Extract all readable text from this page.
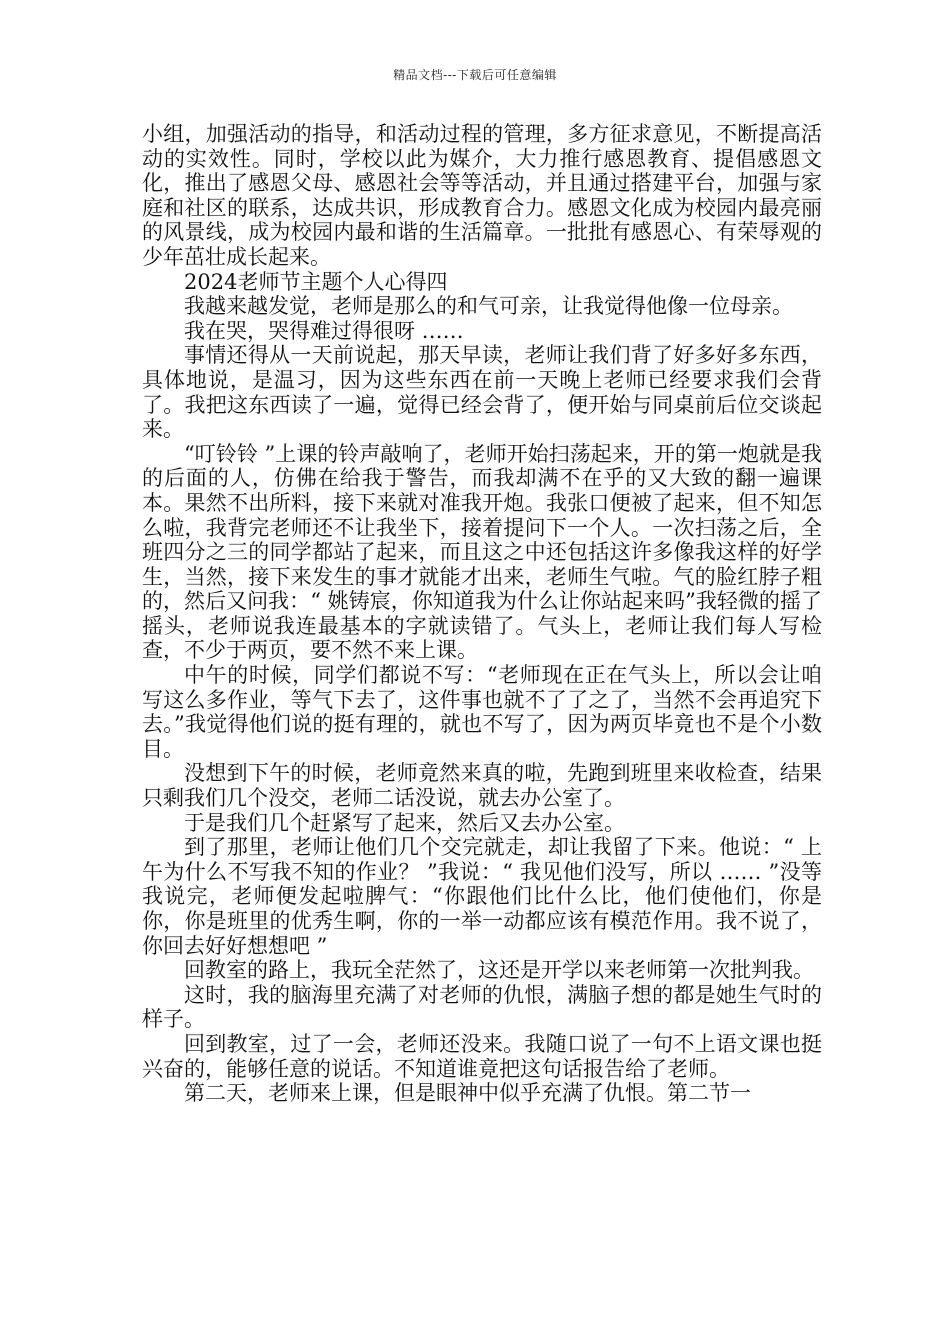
精品文档---下载后可任意编辑

小组，加强活动的指导，和活动过程的管理，多方征求意见，不断提高活动的实效性。同时，学校以此为媒介，大力推行感恩教育、提倡感恩文化，推出了感恩父母、感恩社会等等活动，并且通过搭建平台，加强与家庭和社区的联系，达成共识，形成教育合力。感恩文化成为校园内最亮丽的风景线，成为校园内最和谐的生活篇章。一批批有感恩心、有荣辱观的少年茁壮成长起来。

2024老师节主题个人心得四

我越来越发觉，老师是那么的和气可亲，让我觉得他像一位母亲。

我在哭，哭得难过得很呀 ……

事情还得从一天前说起，那天早读，老师让我们背了好多好多东西，具体地说，是温习，因为这些东西在前一天晚上老师已经要求我们会背了。我把这东西读了一遍，觉得已经会背了，便开始与同桌前后位交谈起来。

“叮铃铃 ”上课的铃声敲响了，老师开始扫荡起来，开的第一炮就是我的后面的人，仿佛在给我于警告，而我却满不在乎的又大致的翻一遍课本。果然不出所料，接下来就对准我开炮。我张口便被了起来，但不知怎么啦，我背完老师还不让我坐下，接着提问下一个人。一次扫荡之后，全班四分之三的同学都站了起来，而且这之中还包括这许多像我这样的好学生，当然，接下来发生的事才就能才出来，老师生气啦。气的脸红脖子粗的，然后又问我：“ 姚铸宸，你知道我为什么让你站起来吗”我轻微的摇了摇头，老师说我连最基本的字就读错了。气头上，老师让我们每人写检查，不少于两页，要不然不来上课。

中午的时候，同学们都说不写：“老师现在正在气头上，所以会让咱写这么多作业，等气下去了，这件事也就不了了之了，当然不会再追究下去。”我觉得他们说的挺有理的，就也不写了，因为两页毕竟也不是个小数目。

没想到下午的时候，老师竟然来真的啦，先跑到班里来收检查，结果只剩我们几个没交，老师二话没说，就去办公室了。

于是我们几个赶紧写了起来，然后又去办公室。

到了那里，老师让他们几个交完就走，却让我留了下来。他说：“ 上午为什么不写我不知的作业？ ”我说：“ 我见他们没写，所以 …… ”没等我说完，老师便发起啦脾气：“你跟他们比什么比，他们使他们，你是你，你是班里的优秀生啊，你的一举一动都应该有模范作用。我不说了，你回去好好想想吧 ”

回教室的路上，我玩全茫然了，这还是开学以来老师第一次批判我。

这时，我的脑海里充满了对老师的仇恨，满脑子想的都是她生气时的样子。

回到教室，过了一会，老师还没来。我随口说了一句不上语文课也挺兴奋的，能够任意的说话。不知道谁竟把这句话报告给了老师。

第二天，老师来上课，但是眼神中似乎充满了仇恨。第二节一
